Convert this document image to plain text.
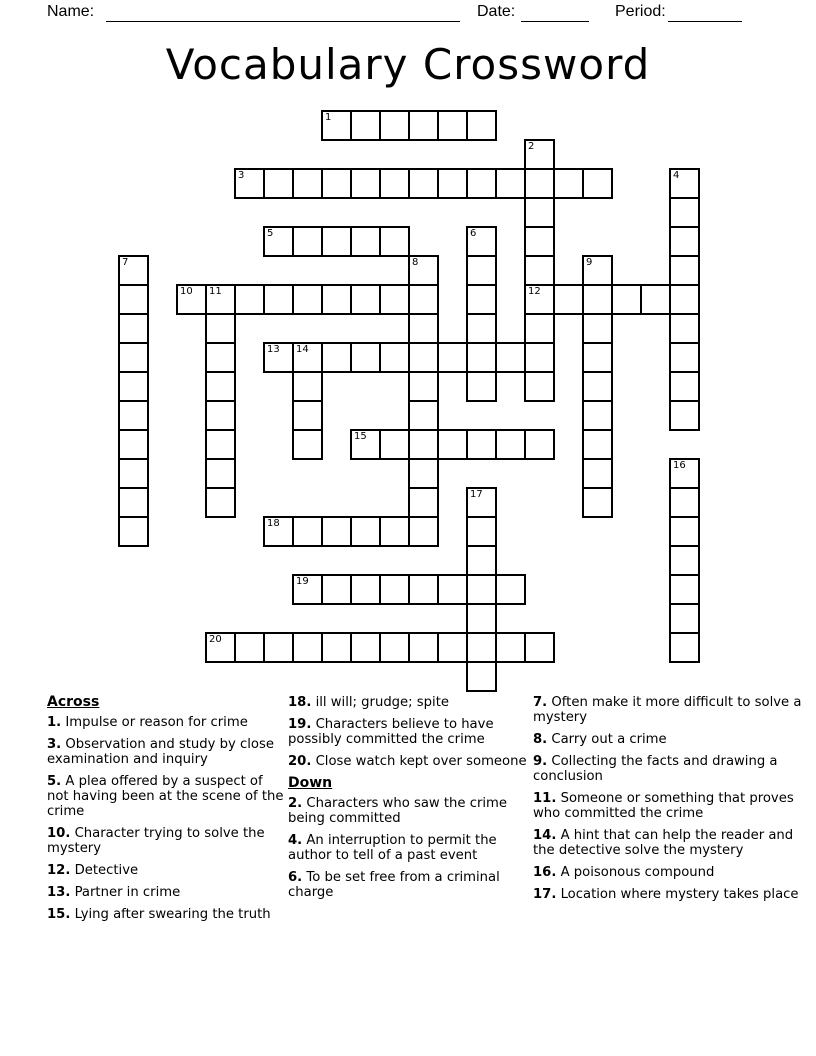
Name:	Date:	Period:
Vocabulary Crossword
1
2
12
3	4
5	6
7	8	9
10 11
13 14
15
16
17
18
19
20
Across
1. Impulse or reason for crime
3. Observation and study by close examination and inquiry
5. A plea offered by a suspect of not having been at the scene of the crime
10. Character trying to solve the mystery
12. Detective
13. Partner in crime
15. Lying after swearing the truth
18. ill will; grudge; spite
19. Characters believe to have possibly committed the crime
20. Close watch kept over someone
Down
2. Characters who saw the crime being committed
4. An interruption to permit the author to tell of a past event
6. To be set free from a criminal charge
7. Often make it more difficult to solve a mystery
8. Carry out a crime
9. Collecting the facts and drawing a conclusion
11. Someone or something that proves who committed the crime
14. A hint that can help the reader and the detective solve the mystery
16. A poisonous compound
17. Location where mystery takes place
